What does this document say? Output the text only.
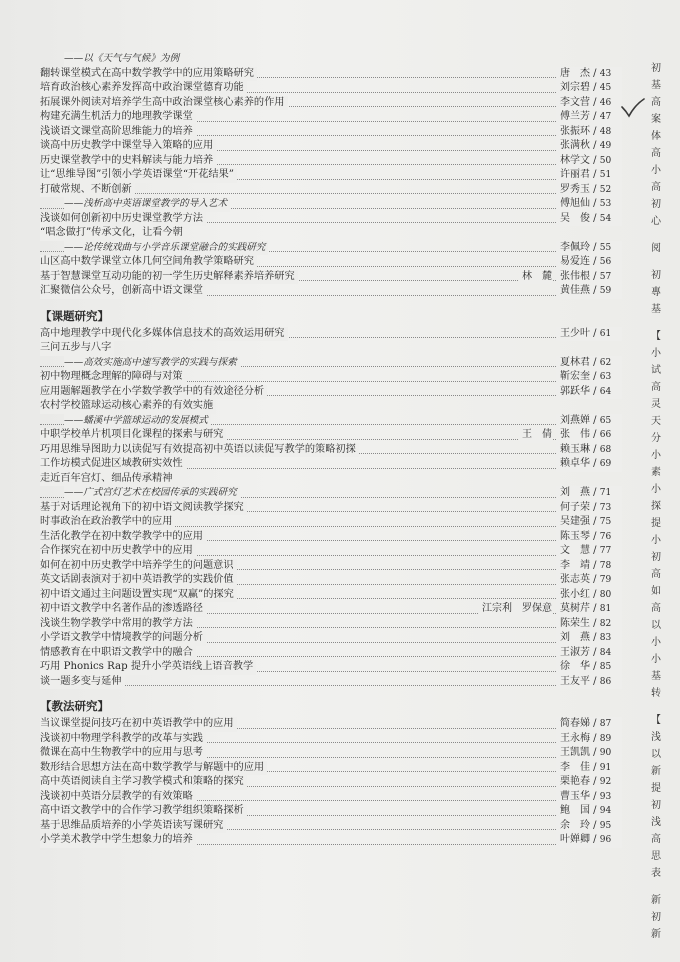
——以《天气与气候》为例
翻转课堂模式在高中数学教学中的应用策略研究	唐　杰 / 43
培育政治核心素养发挥高中政治课堂德育功能	刘宗碧 / 45
拓展课外阅读对培养学生高中政治课堂核心素养的作用	李文营 / 46
构建充满生机活力的地理教学课堂	傅兰芳 / 47
浅谈语文课堂高阶思维能力的培养	张振环 / 48
谈高中历史教学中课堂导入策略的应用	张满秋 / 49
历史课堂教学中的史料解读与能力培养	林学文 / 50
让“思维导图”引领小学英语课堂“开花结果”	许丽君 / 51
打破常规、不断创新	罗秀玉 / 52
——浅析高中英语课堂教学的导入艺术	傅旭仙 / 53
浅谈如何创新初中历史课堂教学方法	吴　俊 / 54
“唱念做打”传承文化，让看今朝
——论传统戏曲与小学音乐课堂融合的实践研究	李佩玲 / 55
山区高中数学课堂立体几何空间角教学策略研究	易爱连 / 56
基于智慧课堂互动功能的初一学生历史解释素养培养研究	林　麓 张伟根 / 57
汇聚微信公众号，创新高中语文课堂	黄佳燕 / 59
【课题研究】
高中地理教学中现代化多媒体信息技术的高效运用研究	王少叶 / 61
三问五步与八字
——高效实施高中速写教学的实践与探索	夏林君 / 62
初中物理概念理解的障碍与对策	靳宏奎 / 63
应用题解题教学在小学数学教学中的有效途径分析	郭跃华 / 64
农村学校篮球运动核心素养的有效实施
——蟠溪中学篮球运动的发展模式	刘燕婵 / 65
中职学校单片机项目化课程的探索与研究	王　倩 张　伟 / 66
巧用思维导图助力以读促写有效提高初中英语以读促写教学的策略初探	赖玉琳 / 68
工作坊模式促进区域教研实效性	赖卓华 / 69
走近百年宫灯、细品传承精神
——广式宫灯艺术在校园传承的实践研究	刘　燕 / 71
基于对话理论视角下的初中语文阅读教学探究	何子荣 / 73
时事政治在政治教学中的应用	吴建强 / 75
生活化教学在初中数学教学中的应用	陈玉琴 / 76
合作探究在初中历史教学中的应用	文　慧 / 77
如何在初中历史教学中培养学生的问题意识	李　靖 / 78
英文话剧表演对于初中英语教学的实践价值	张志英 / 79
初中语文通过主问题设置实现“双赢”的探究	张小红 / 80
初中语文教学中名著作品的渗透路径	江宗利　罗保意 莫树芹 / 81
浅谈生物学教学中常用的教学方法	陈荣生 / 82
小学语文教学中情境教学的问题分析	刘　燕 / 83
情感教育在中职语文教学中的融合	王淑芳 / 84
巧用 Phonics Rap 提升小学英语线上语音教学	徐　华 / 85
谈一题多变与延伸	王友平 / 86
【教法研究】
当议课堂提问技巧在初中英语教学中的应用	简春娣 / 87
浅谈初中物理学科教学的改革与实践	王永梅 / 89
微课在高中生物教学中的应用与思考	王凯凯 / 90
数形结合思想方法在高中数学教学与解题中的应用	李　佳 / 91
高中英语阅读自主学习教学模式和策略的探究	栗艳春 / 92
浅谈初中英语分层教学的有效策略	曹玉华 / 93
高中语文教学中的合作学习教学组织策略探析	鲍　国 / 94
基于思维品质培养的小学英语读写课研究	余　玲 / 95
小学美术教学中学生想象力的培养	叶婵卿 / 96
初
基
高
案
体
高
小
高
初
心
阅
初
專
基
【
小
试
高
灵
天
分
小
素
小
探
提
小
初
高
如
高
以
小
小
基
转
【
浅
以
新
提
初
浅
高
思
表
新
初
新
